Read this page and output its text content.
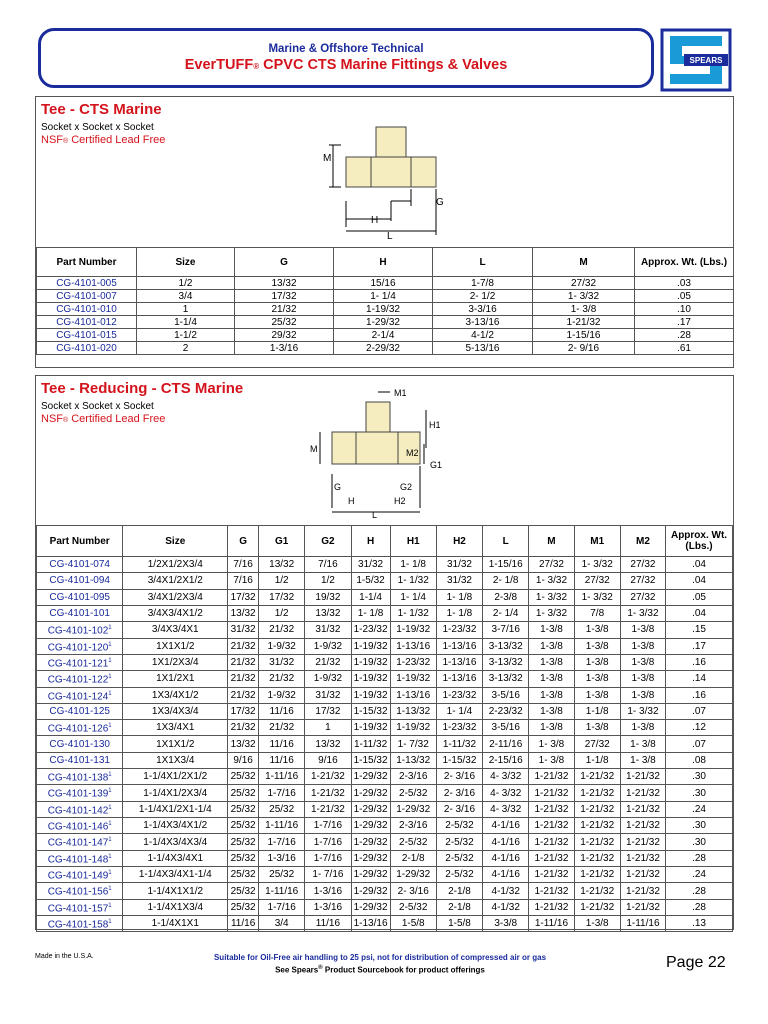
Marine & Offshore Technical
EverTUFF® CPVC CTS Marine Fittings & Valves	SPEARS
Tee - CTS Marine
Socket x Socket x Socket
NSF® Certified Lead Free
M
H
L
G
Part Number	Size	G	H	L	M	Approx. Wt. (Lbs.)
CG-4101-005	1/2	13/32	15/16	1-7/8	27/32	.03
CG-4101-007	3/4	17/32	1- 1/4	2- 1/2	1- 3/32	.05
CG-4101-010	1	21/32	1-19/32	3-3/16	1- 3/8	.10
CG-4101-012	1-1/4	25/32	1-29/32	3-13/16	1-21/32	.17
CG-4101-015	1-1/2	29/32	2-1/4	4-1/2	1-15/16	.28
CG-4101-020	2	1-3/16	2-29/32	5-13/16	2- 9/16	.61
Tee - Reducing - CTS Marine
Socket x Socket x Socket
NSF® Certified Lead Free
M1
H1
M	M2
G1
G	G2
H	H2
L
Part Number	Size	G	G1	G2	H	H1	H2	L	M	M1	M2	Approx. Wt. (Lbs.)
CG-4101-074	1/2X1/2X3/4	7/16	13/32	7/16	31/32	1- 1/8	31/32	1-15/16	27/32	1- 3/32	27/32	.04
CG-4101-094	3/4X1/2X1/2	7/16	1/2	1/2	1-5/32	1- 1/32	31/32	2- 1/8	1- 3/32	27/32	27/32	.04
CG-4101-095	3/4X1/2X3/4	17/32	17/32	19/32	1-1/4	1- 1/4	1- 1/8	2-3/8	1- 3/32	1- 3/32	27/32	.05
CG-4101-101	3/4X3/4X1/2	13/32	1/2	13/32	1- 1/8	1- 1/32	1- 1/8	2- 1/4	1- 3/32	7/8	1- 3/32	.04
$CG-4101-102^1$	3/4X3/4X1	31/32	21/32	31/32	1-23/32	1-19/32	1-23/32	3-7/16	1-3/8	1-3/8	1-3/8	.15
$CG-4101-120^1$	1X1X1/2	21/32	1-9/32	1-9/32	1-19/32	1-13/16	1-13/16	3-13/32	1-3/8	1-3/8	1-3/8	.17
$CG-4101-121^1$	1X1/2X3/4	21/32	31/32	21/32	1-19/32	1-23/32	1-13/16	3-13/32	1-3/8	1-3/8	1-3/8	.16
$CG-4101-122^1$	1X1/2X1	21/32	21/32	1-9/32	1-19/32	1-19/32	1-13/16	3-13/32	1-3/8	1-3/8	1-3/8	.14
$CG-4101-124^1$	1X3/4X1/2	21/32	1-9/32	31/32	1-19/32	1-13/16	1-23/32	3-5/16	1-3/8	1-3/8	1-3/8	.16
CG-4101-125	1X3/4X3/4	17/32	11/16	17/32	1-15/32	1-13/32	1- 1/4	2-23/32	1-3/8	1-1/8	1- 3/32	.07
$CG-4101-126^1$	1X3/4X1	21/32	21/32	1	1-19/32	1-19/32	1-23/32	3-5/16	1-3/8	1-3/8	1-3/8	.12
CG-4101-130	1X1X1/2	13/32	11/16	13/32	1-11/32	1- 7/32	1-11/32	2-11/16	1- 3/8	27/32	1- 3/8	.07
CG-4101-131	1X1X3/4	9/16	11/16	9/16	1-15/32	1-13/32	1-15/32	2-15/16	1- 3/8	1-1/8	1- 3/8	.08
$CG-4101-138^1$	1-1/4X1/2X1/2	25/32	1-11/16	1-21/32	1-29/32	2-3/16	2- 3/16	4- 3/32	1-21/32	1-21/32	1-21/32	.30
$CG-4101-139^1$	1-1/4X1/2X3/4	25/32	1-7/16	1-21/32	1-29/32	2-5/32	2- 3/16	4- 3/32	1-21/32	1-21/32	1-21/32	.30
$CG-4101-142^1$	1-1/4X1/2X1-1/4	25/32	25/32	1-21/32	1-29/32	1-29/32	2- 3/16	4- 3/32	1-21/32	1-21/32	1-21/32	.24
$CG-4101-146^1$	1-1/4X3/4X1/2	25/32	1-11/16	1-7/16	1-29/32	2-3/16	2-5/32	4-1/16	1-21/32	1-21/32	1-21/32	.30
$CG-4101-147^1$	1-1/4X3/4X3/4	25/32	1-7/16	1-7/16	1-29/32	2-5/32	2-5/32	4-1/16	1-21/32	1-21/32	1-21/32	.30
$CG-4101-148^1$	1-1/4X3/4X1	25/32	1-3/16	1-7/16	1-29/32	2-1/8	2-5/32	4-1/16	1-21/32	1-21/32	1-21/32	.28
$CG-4101-149^1$	1-1/4X3/4X1-1/4	25/32	25/32	1- 7/16	1-29/32	1-29/32	2-5/32	4-1/16	1-21/32	1-21/32	1-21/32	.24
$CG-4101-156^1$	1-1/4X1X1/2	25/32	1-11/16	1-3/16	1-29/32	2- 3/16	2-1/8	4-1/32	1-21/32	1-21/32	1-21/32	.28
$CG-4101-157^1$	1-1/4X1X3/4	25/32	1-7/16	1-3/16	1-29/32	2-5/32	2-1/8	4-1/32	1-21/32	1-21/32	1-21/32	.28
$CG-4101-158^1$	1-1/4X1X1	11/16	3/4	11/16	1-13/16	1-5/8	1-5/8	3-3/8	1-11/16	1-3/8	1-11/16	.13
Made in the U.S.A.	Suitable for Oil-Free air handling to 25 psi, not for distribution of compressed air or gas
See Spears® Product Sourcebook for product offerings	Page 22
